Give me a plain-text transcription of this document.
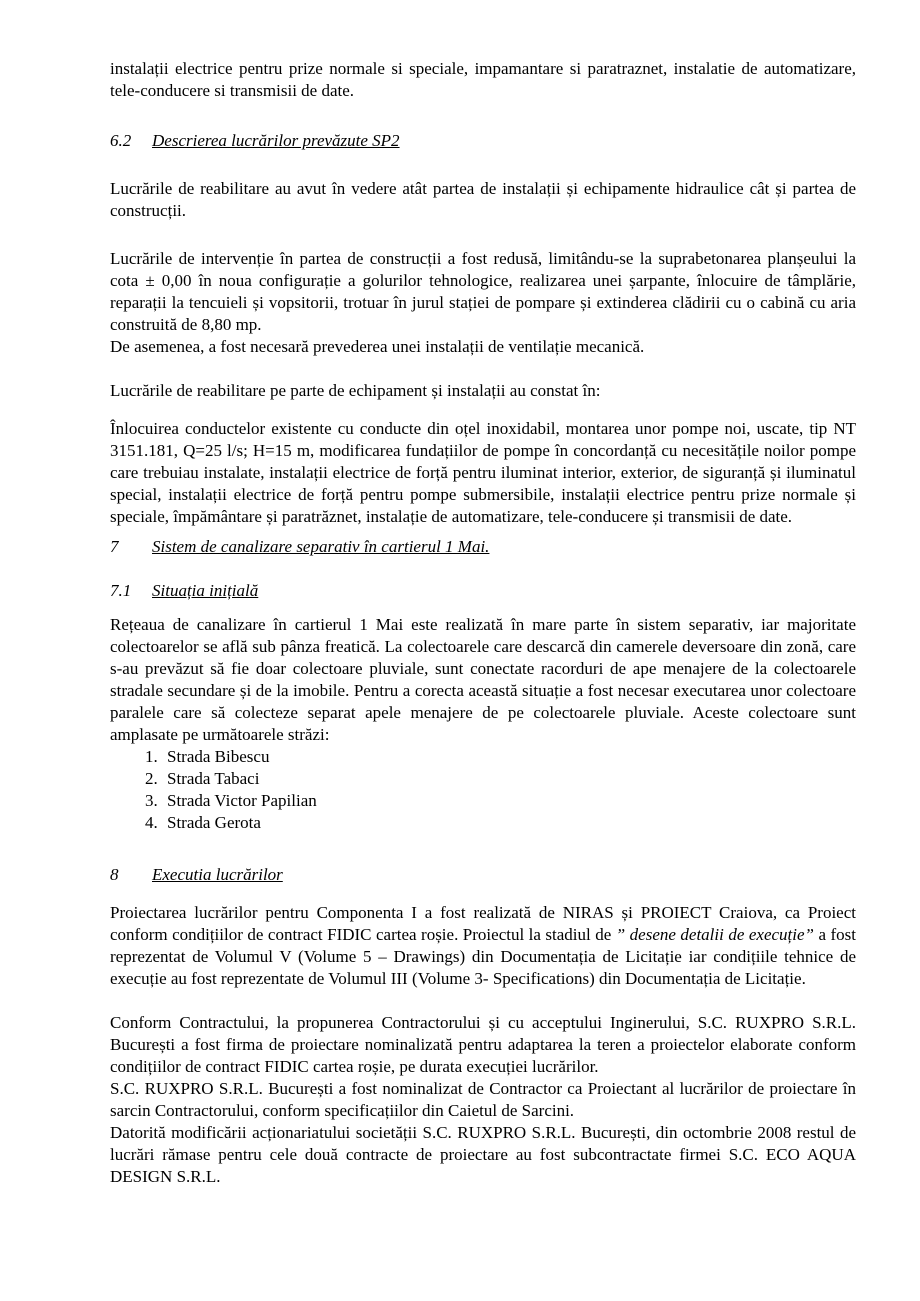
instalații electrice pentru prize normale si speciale, impamantare si paratraznet, instalatie de automatizare, tele-conducere si transmisii de date.

6.2	Descrierea lucrărilor prevăzute SP2

Lucrările de reabilitare au avut în vedere atât partea de instalații și echipamente hidraulice cât și partea de construcții.

Lucrările de intervenție în partea de construcții a fost redusă, limitându-se la suprabetonarea planșeului la cota ± 0,00 în noua configurație a golurilor tehnologice, realizarea unei șarpante, înlocuire de tâmplărie, reparații la tencuieli și vopsitorii, trotuar în jurul stației de pompare și extinderea clădirii cu o cabină cu aria construită de 8,80 mp.

De asemenea, a fost necesară prevederea unei instalații de ventilație mecanică.

Lucrările de reabilitare pe parte de echipament și instalații au constat în:

Înlocuirea conductelor existente cu conducte din oțel inoxidabil, montarea unor pompe noi, uscate, tip NT 3151.181, Q=25 l/s; H=15 m, modificarea fundațiilor de pompe în concordanță cu necesitățile noilor pompe care trebuiau instalate, instalații electrice de forță pentru iluminat interior, exterior, de siguranță și iluminatul special, instalații electrice de forță pentru pompe submersibile, instalații electrice pentru prize normale și speciale, împământare și paratrăznet, instalație de automatizare, tele-conducere și transmisii de date.

7	Sistem de canalizare separativ în cartierul 1 Mai.
7.1	Situația inițială

Rețeaua de canalizare în cartierul 1 Mai este realizată în mare parte în sistem separativ, iar majoritate colectoarelor se află sub pânza freatică. La colectoarele care descarcă din camerele deversoare din zonă, care s-au prevăzut să fie doar colectoare pluviale, sunt conectate racorduri de ape menajere de la colectoarele stradale secundare și de la imobile. Pentru a corecta această situație a fost necesar executarea unor colectoare paralele care să colecteze separat apele menajere de pe colectoarele pluviale. Aceste colectoare sunt amplasate pe următoarele străzi:

1. Strada Bibescu
2. Strada Tabaci
3. Strada Victor Papilian
4. Strada Gerota
8	Executia lucrărilor

Proiectarea lucrărilor pentru Componenta I a fost realizată de NIRAS și PROIECT Craiova, ca Proiect conform condițiilor de contract FIDIC cartea roșie. Proiectul la stadiul de ” desene detalii de execuție” a fost reprezentat de Volumul V (Volume 5 – Drawings) din Documentația de Licitație iar condițiile tehnice de execuție au fost reprezentate de Volumul III (Volume 3- Specifications) din Documentația de Licitație.

Conform Contractului, la propunerea Contractorului și cu acceptului Inginerului, S.C. RUXPRO S.R.L. București a fost firma de proiectare nominalizată pentru adaptarea la teren a proiectelor elaborate conform condițiilor de contract FIDIC cartea roșie, pe durata execuției lucrărilor.

S.C. RUXPRO S.R.L. București a fost nominalizat de Contractor ca Proiectant al lucrărilor de proiectare în sarcin Contractorului, conform specificațiilor din Caietul de Sarcini.

Datorită modificării acționariatului societății S.C. RUXPRO S.R.L. București, din octombrie 2008 restul de lucrări rămase pentru cele două contracte de proiectare au fost subcontractate firmei S.C. ECO AQUA DESIGN S.R.L.
